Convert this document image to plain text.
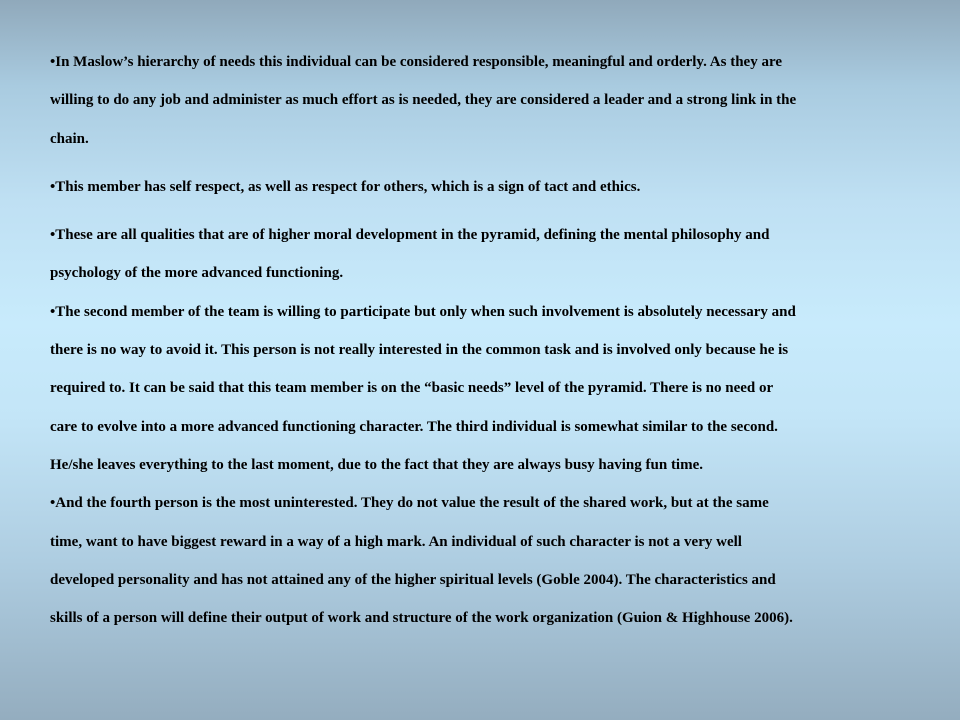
•In Maslow’s hierarchy of needs this individual can be considered responsible, meaningful and orderly. As they are
willing to do any job and administer as much effort as is needed, they are considered a leader and a strong link in the
chain.

•This member has self respect, as well as respect for others, which is a sign of tact and ethics.

•These are all qualities that are of higher moral development in the pyramid, defining the mental philosophy and
psychology of the more advanced functioning.

•The second member of the team is willing to participate but only when such involvement is absolutely necessary and
there is no way to avoid it. This person is not really interested in the common task and is involved only because he is
required to. It can be said that this team member is on the “basic needs” level of the pyramid. There is no need or
care to evolve into a more advanced functioning character. The third individual is somewhat similar to the second.
He/she leaves everything to the last moment, due to the fact that they are always busy having fun time.

•And the fourth person is the most uninterested. They do not value the result of the shared work, but at the same
time, want to have biggest reward in a way of a high mark. An individual of such character is not a very well
developed personality and has not attained any of the higher spiritual levels (Goble 2004). The characteristics and
skills of a person will define their output of work and structure of the work organization (Guion & Highhouse 2006).
